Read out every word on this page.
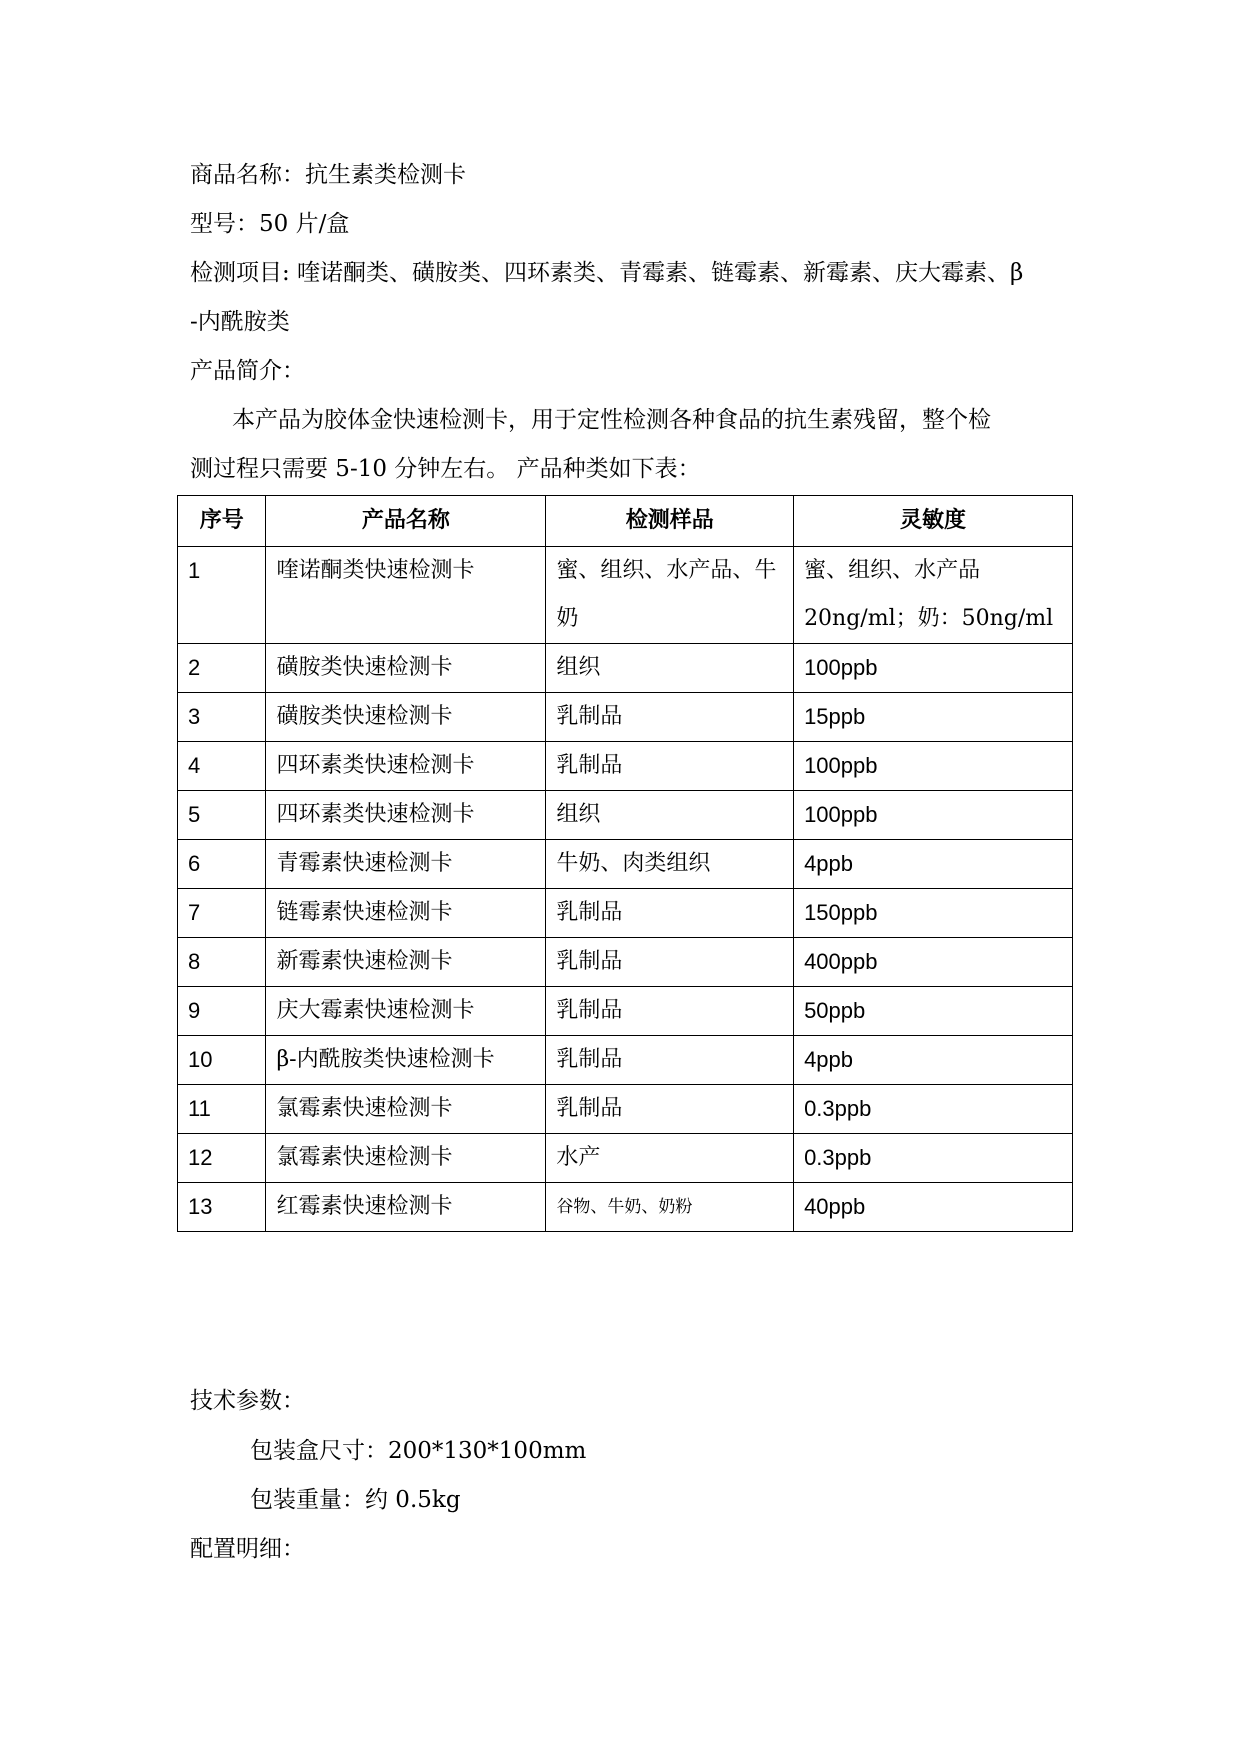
商品名称：抗生素类检测卡
型号：50 片/盒
检测项目: 喹诺酮类、磺胺类、四环素类、青霉素、链霉素、新霉素、庆大霉素、β
-内酰胺类
产品简介：
本产品为胶体金快速检测卡，用于定性检测各种食品的抗生素残留，整个检
测过程只需要 5-10 分钟左右。 产品种类如下表：
序号	产品名称	检测样品	灵敏度
1	喹诺酮类快速检测卡	蜜、组织、水产品、牛奶	蜜、组织、水产品 20ng/ml；奶：50ng/ml
2	磺胺类快速检测卡	组织	100ppb
3	磺胺类快速检测卡	乳制品	15ppb
4	四环素类快速检测卡	乳制品	100ppb
5	四环素类快速检测卡	组织	100ppb
6	青霉素快速检测卡	牛奶、肉类组织	4ppb
7	链霉素快速检测卡	乳制品	150ppb
8	新霉素快速检测卡	乳制品	400ppb
9	庆大霉素快速检测卡	乳制品	50ppb
10	β-内酰胺类快速检测卡	乳制品	4ppb
11	氯霉素快速检测卡	乳制品	0.3ppb
12	氯霉素快速检测卡	水产	0.3ppb
13	红霉素快速检测卡	谷物、牛奶、奶粉	40ppb
技术参数：
包装盒尺寸：200*130*100mm
包装重量：约 0.5kg
配置明细：
